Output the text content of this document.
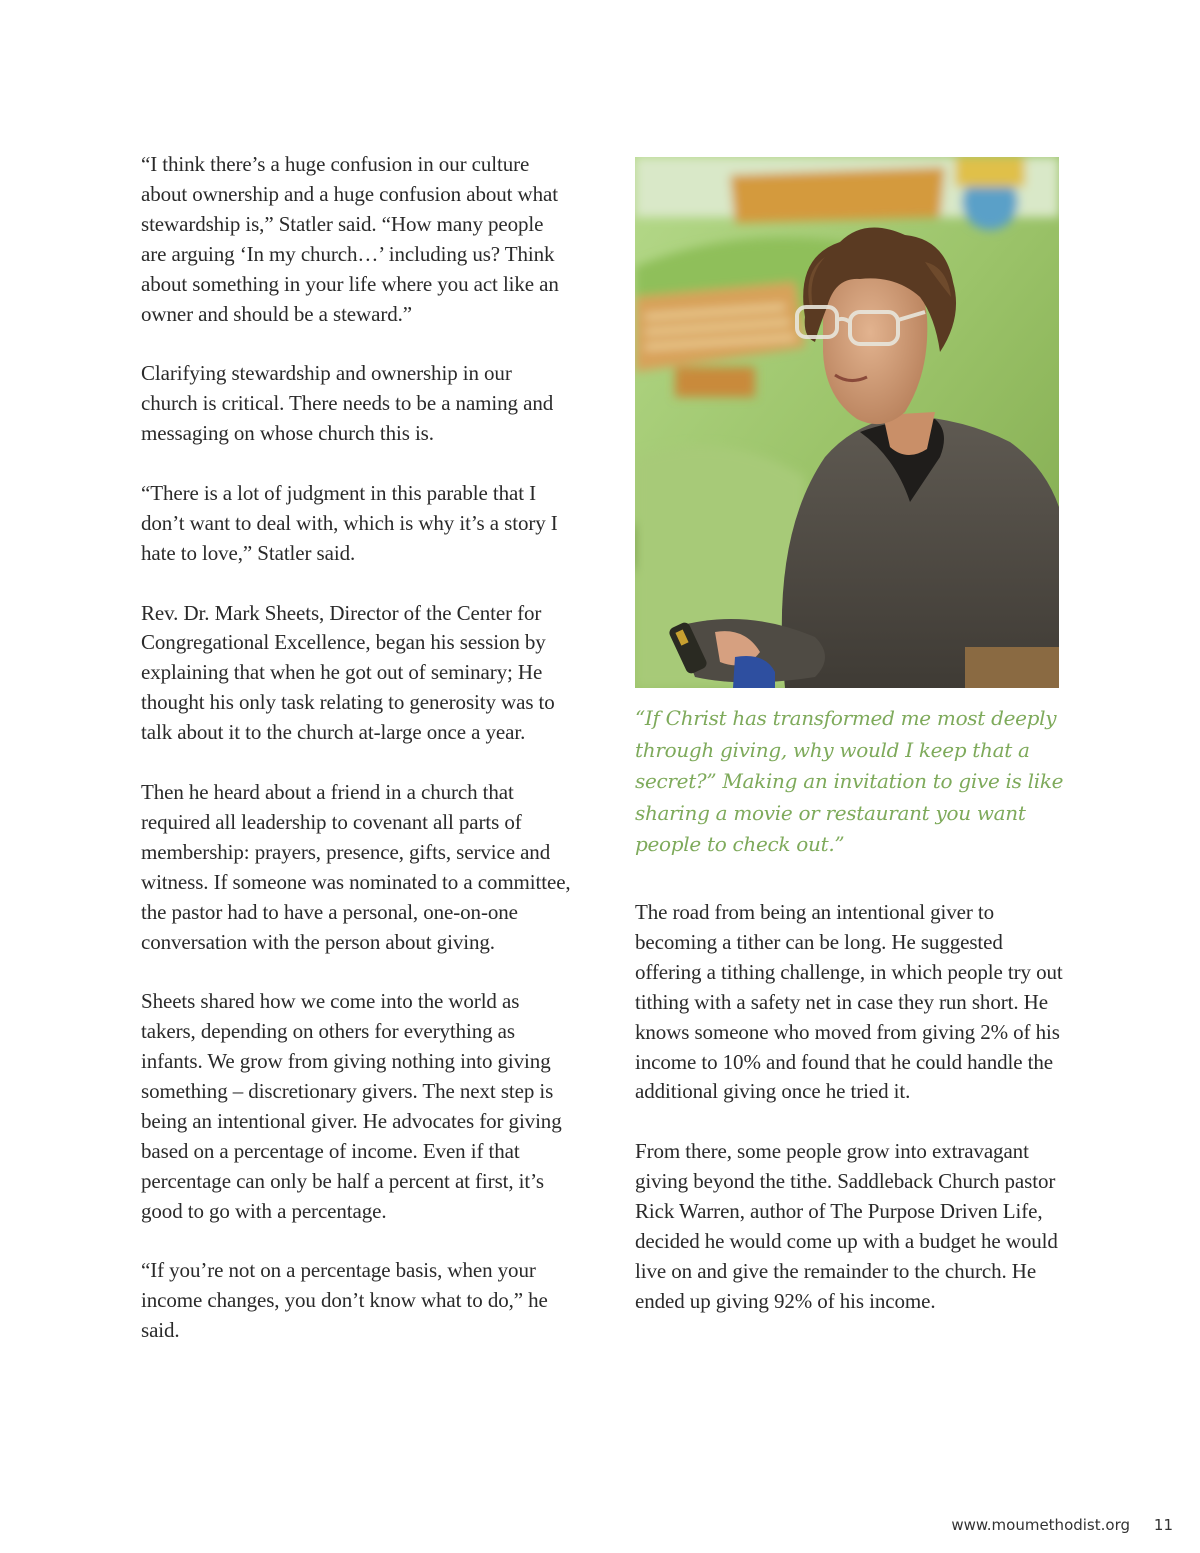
“I think there’s a huge confusion in our culture about ownership and a huge confusion about what stewardship is,” Statler said. “How many people are arguing ‘In my church…’ including us? Think about something in your life where you act like an owner and should be a steward.”

Clarifying stewardship and ownership in our church is critical. There needs to be a naming and messaging on whose church this is.

“There is a lot of judgment in this parable that I don’t want to deal with, which is why it’s a story I hate to love,” Statler said.

Rev. Dr. Mark Sheets, Director of the Center for Congregational Excellence, began his session by explaining that when he got out of seminary; He thought his only task relating to generosity was to talk about it to the church at-large once a year.

Then he heard about a friend in a church that required all leadership to covenant all parts of membership: prayers, presence, gifts, service and witness. If someone was nominated to a committee, the pastor had to have a personal, one-on-one conversation with the person about giving.

Sheets shared how we come into the world as takers, depending on others for everything as infants. We grow from giving nothing into giving something – discretionary givers. The next step is being an intentional giver. He advocates for giving based on a percentage of income. Even if that percentage can only be half a percent at first, it’s good to go with a percentage.

“If you’re not on a percentage basis, when your income changes, you don’t know what to do,” he said.

“If Christ has transformed me most deeply through giving, why would I keep that a secret?” Making an invitation to give is like sharing a movie or restaurant you want people to check out.”

The road from being an intentional giver to becoming a tither can be long. He suggested offering a tithing challenge, in which people try out tithing with a safety net in case they run short. He knows someone who moved from giving 2% of his income to 10% and found that he could handle the additional giving once he tried it.

From there, some people grow into extravagant giving beyond the tithe. Saddleback Church pastor Rick Warren, author of The Purpose Driven Life, decided he would come up with a budget he would live on and give the remainder to the church. He ended up giving 92% of his income.

www.moumethodist.org 11
